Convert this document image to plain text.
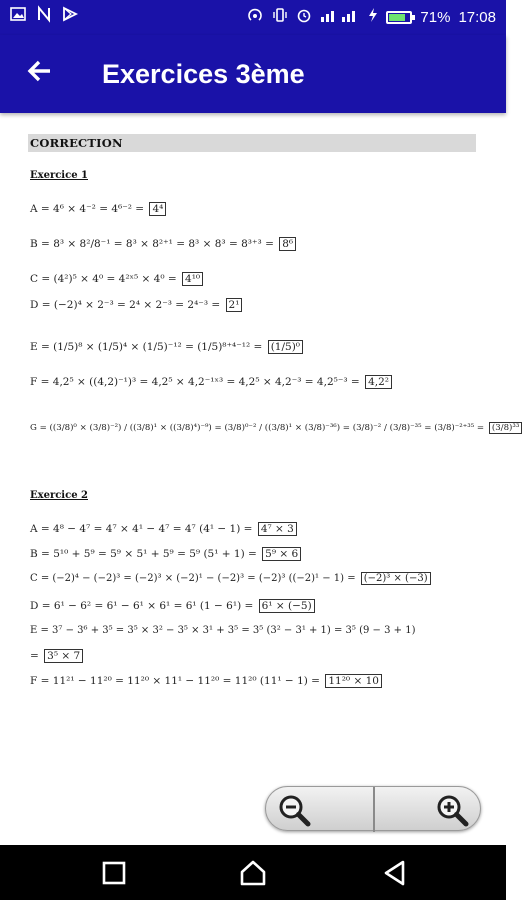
71% 17:08
Exercices 3ème
CORRECTION
Exercice 1
A = 4⁶ × 4⁻² = 4⁶⁻² = 4⁴
B = 8³ × 8²/8⁻¹ = 8³ × 8²⁺¹ = 8³ × 8³ = 8³⁺³ = 8⁶
C = (4²)⁵ × 4⁰ = 4²ˣ⁵ × 4⁰ = 4¹⁰
D = (−2)⁴ × 2⁻³ = 2⁴ × 2⁻³ = 2⁴⁻³ = 2¹
E = (1/5)⁸ × (1/5)⁴ × (1/5)⁻¹² = (1/5)⁸⁺⁴⁻¹² = (1/5)⁰
F = 4,2⁵ × ((4,2)⁻¹)³ = 4,2⁵ × 4,2⁻¹ˣ³ = 4,2⁵ × 4,2⁻³ = 4,2⁵⁻³ = 4,2²
G = ((3/8)⁰ × (3/8)⁻²) / ((3/8)¹ × ((3/8)⁴)⁻⁹) = (3/8)⁰⁻² / ((3/8)¹ × (3/8)⁻³⁶) = (3/8)⁻² / (3/8)⁻³⁵ = (3/8)⁻²⁺³⁵ = (3/8)³³
Exercice 2
A = 4⁸ − 4⁷ = 4⁷ × 4¹ − 4⁷ = 4⁷ (4¹ − 1) = 4⁷ × 3
B = 5¹⁰ + 5⁹ = 5⁹ × 5¹ + 5⁹ = 5⁹ (5¹ + 1) = 5⁹ × 6
C = (−2)⁴ − (−2)³ = (−2)³ × (−2)¹ − (−2)³ = (−2)³ ((−2)¹ − 1) = (−2)³ × (−3)
D = 6¹ − 6² = 6¹ − 6¹ × 6¹ = 6¹ (1 − 6¹) = 6¹ × (−5)
E = 3⁷ − 3⁶ + 3⁵ = 3⁵ × 3² − 3⁵ × 3¹ + 3⁵ = 3⁵ (3² − 3¹ + 1) = 3⁵ (9 − 3 + 1)
= 3⁵ × 7
F = 11²¹ − 11²⁰ = 11²⁰ × 11¹ − 11²⁰ = 11²⁰ (11¹ − 1) = 11²⁰ × 10
